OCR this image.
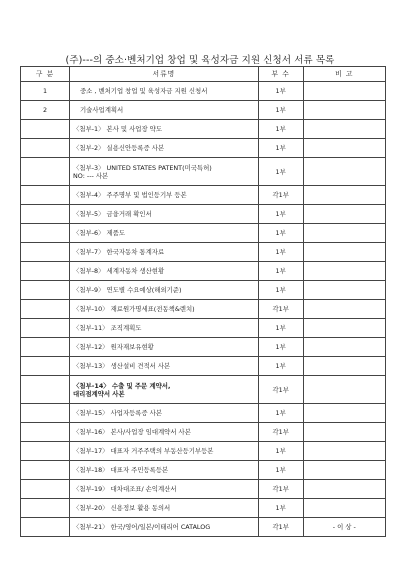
(주)---의 중소·벤처기업 창업 및 육성자금 지원 신청서 서류 목록
구 분	서류명	부 수	비 고
1	중소 , 벤처기업 창업 및 육성자금 지원 신청서	1부	
2	기술사업계획서	1부	
	〈첨부-1〉 본사 및 사업장 약도	1부	
	〈첨부-2〉 실용신안등록증 사본	1부	
	〈첨부-3〉 UNITED STATES PATENT(미국특허)
NO: --- 사본	1부	
	〈첨부-4〉 주주명부 및 법인등기부 등본	각1부	
	〈첨부-5〉 금융거래 확인서	1부	
	〈첨부-6〉 제품도	1부	
	〈첨부-7〉 한국자동차 통계자료	1부	
	〈첨부-8〉 세계자동차 생산현황	1부	
	〈첨부-9〉 연도별 수요예상(해외기준)	1부	
	〈첨부-10〉 재료원가명세표(전동책&렌치)	각1부	
	〈첨부-11〉 조직계획도	1부	
	〈첨부-12〉 원자재보유현황	1부	
	〈첨부-13〉 생산설비 견적서 사본	1부	
	〈첨부-14〉 수출 및 주문 계약서,
대리점계약서 사본	각1부	
	〈첨부-15〉 사업자등록증 사본	1부	
	〈첨부-16〉 본사/사업장 임대계약서 사본	각1부	
	〈첨부-17〉 대표자 거주주택의 부동산등기부등본	1부	
	〈첨부-18〉 대표자 주민등록등본	1부	
	〈첨부-19〉 대차대조표/ 손익계산서	각1부	
	〈첨부-20〉 신용정보 활용 동의서	1부	
	〈첨부-21〉 한국/영어/일본/이태리어 CATALOG	각1부	- 이 상 -
